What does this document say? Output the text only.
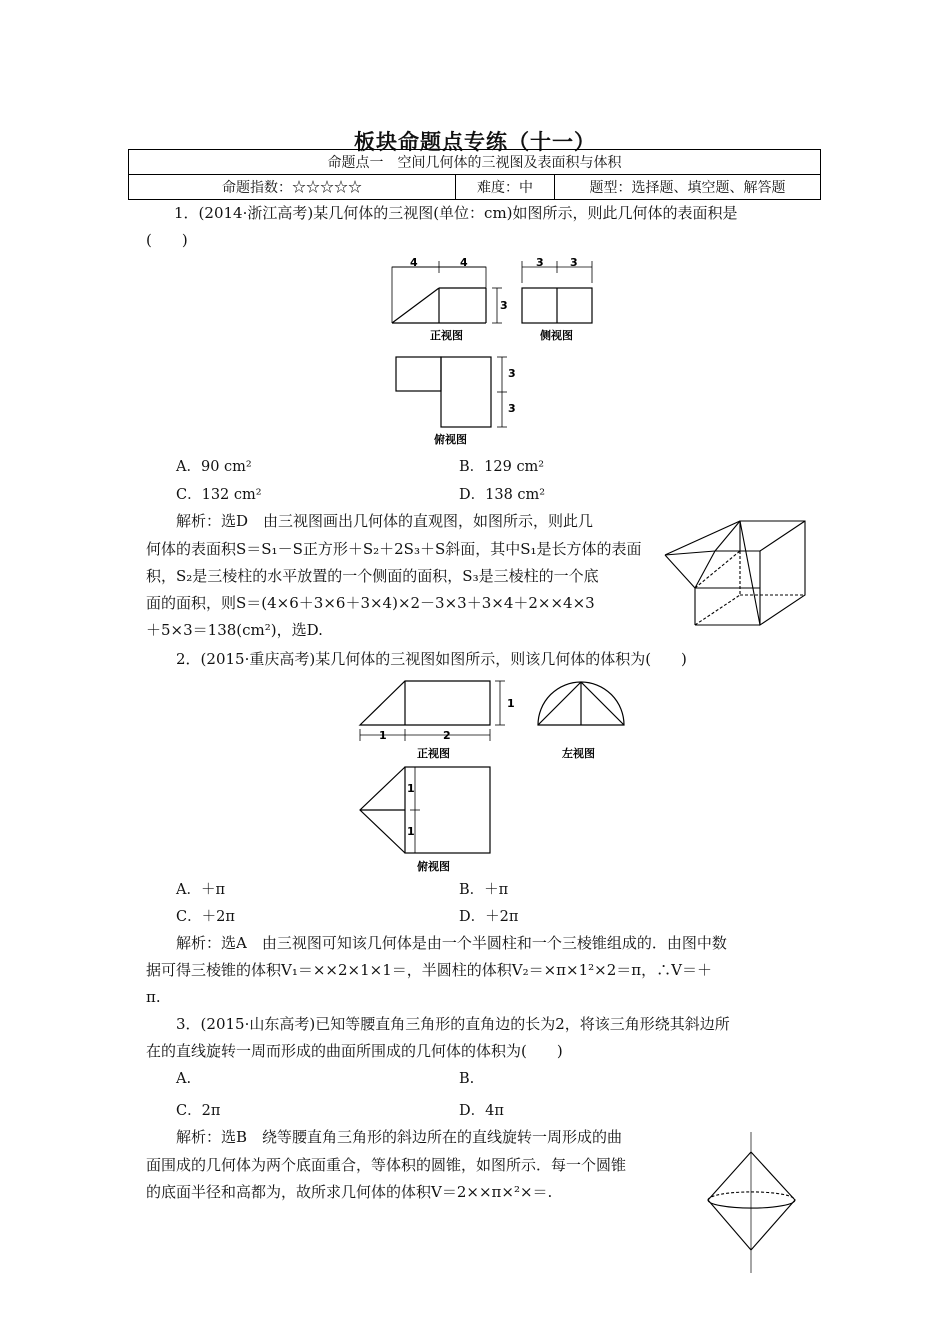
板块命题点专练（十一）
命题点一　空间几何体的三视图及表面积与体积
命题指数：☆☆☆☆☆	难度：中	题型：选择题、填空题、解答题
1．(2014·浙江高考)某几何体的三视图(单位：cm)如图所示，则此几何体的表面积是
(　　)
4	4
3
3 3
3
3
正视图	侧视图
俯视图
A．90 cm²	B．129 cm²
C．132 cm²	D．138 cm²
解析：选D　由三视图画出几何体的直观图，如图所示，则此几
何体的表面积S＝S₁－S正方形＋S₂＋2S₃＋S斜面，其中S₁是长方体的表面
积，S₂是三棱柱的水平放置的一个侧面的面积，S₃是三棱柱的一个底
面的面积，则S＝(4×6＋3×6＋3×4)×2－3×3＋3×4＋2××4×3
＋5×3＝138(cm²)，选D.
2．(2015·重庆高考)某几何体的三视图如图所示，则该几何体的体积为(　　)
1
1	2
1
1
正视图	左视图
俯视图
A．＋π	B．＋π
C．＋2π	D．＋2π
解析：选A　由三视图可知该几何体是由一个半圆柱和一个三棱锥组成的．由图中数
据可得三棱锥的体积V₁＝××2×1×1＝，半圆柱的体积V₂＝×π×1²×2＝π，∴V＝＋
π.
3．(2015·山东高考)已知等腰直角三角形的直角边的长为2，将该三角形绕其斜边所
在的直线旋转一周而形成的曲面所围成的几何体的体积为(　　)
A.	B.
C．2π	D．4π
解析：选B　绕等腰直角三角形的斜边所在的直线旋转一周形成的曲
面围成的几何体为两个底面重合，等体积的圆锥，如图所示．每一个圆锥
的底面半径和高都为，故所求几何体的体积V＝2××π×²×＝.
